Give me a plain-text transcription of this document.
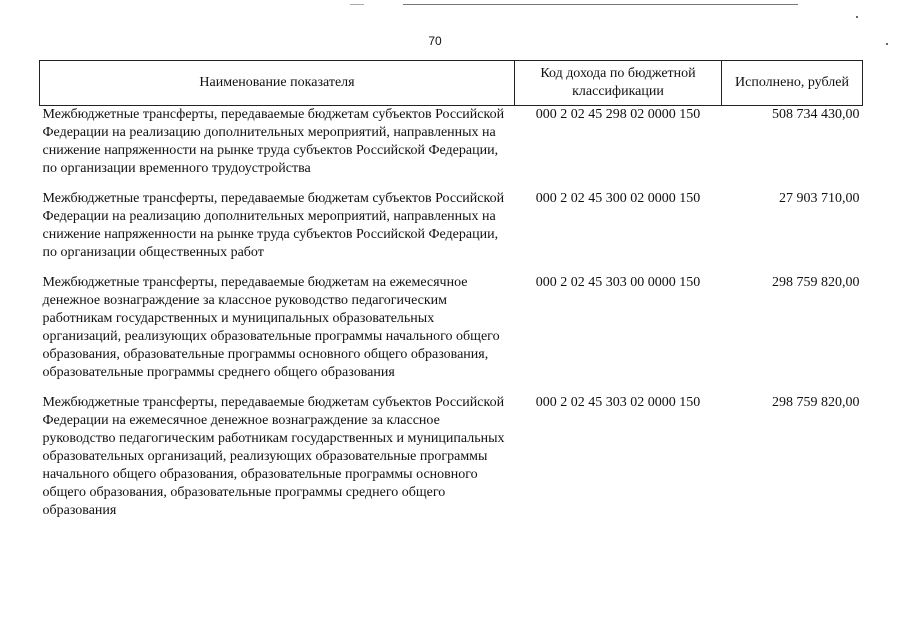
70
Наименование показателя	Код дохода по бюджетной классификации	Исполнено, рублей
Межбюджетные трансферты, передаваемые бюджетам субъектов Российской Федерации на реализацию дополнительных мероприятий, направленных на снижение напряженности на рынке труда субъектов Российской Федерации, по организации временного трудоустройства	000 2 02 45 298 02 0000 150	508 734 430,00
Межбюджетные трансферты, передаваемые бюджетам субъектов Российской Федерации на реализацию дополнительных мероприятий, направленных на снижение напряженности на рынке труда субъектов Российской Федерации, по организации общественных работ	000 2 02 45 300 02 0000 150	27 903 710,00
Межбюджетные трансферты, передаваемые бюджетам на ежемесячное денежное вознаграждение за классное руководство педагогическим работникам государственных и муниципальных образовательных организаций, реализующих образовательные программы начального общего образования, образовательные программы основного общего образования, образовательные программы среднего общего образования	000 2 02 45 303 00 0000 150	298 759 820,00
Межбюджетные трансферты, передаваемые бюджетам субъектов Российской Федерации на ежемесячное денежное вознаграждение за классное руководство педагогическим работникам государственных и муниципальных образовательных организаций, реализующих образовательные программы начального общего образования, образовательные программы основного общего образования, образовательные программы среднего общего образования	000 2 02 45 303 02 0000 150	298 759 820,00
